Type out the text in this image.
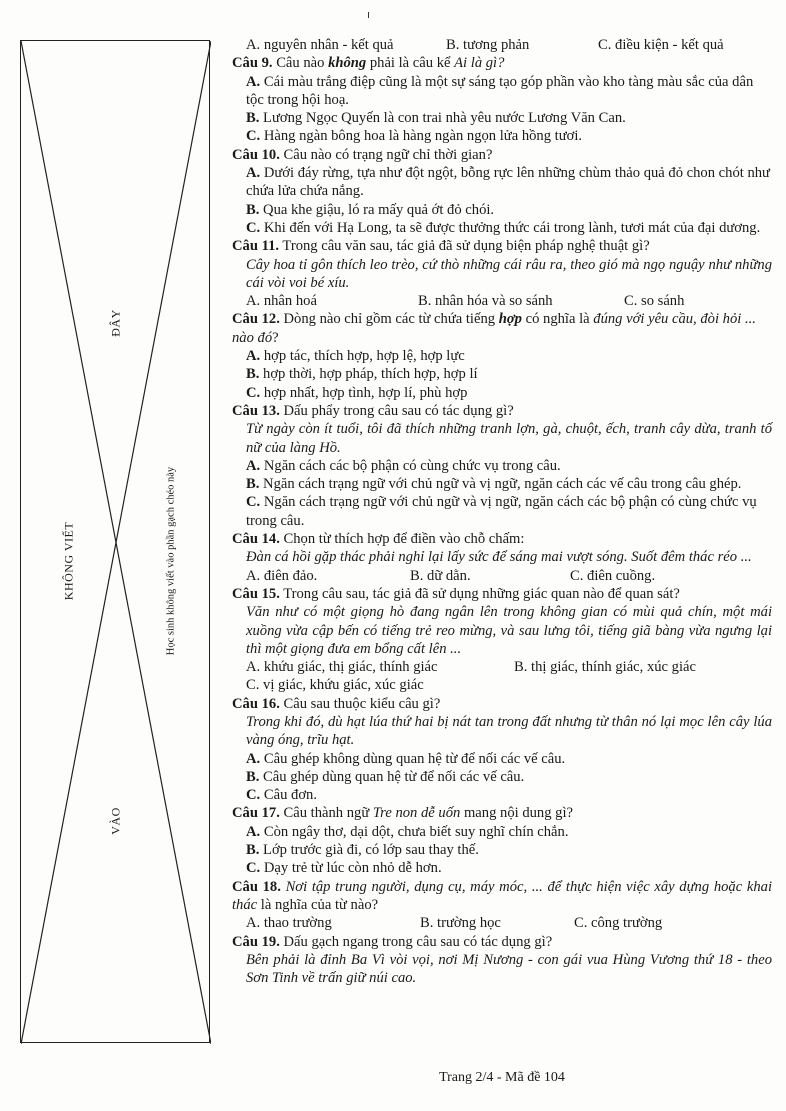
ĐÂY
KHÔNG VIẾT	Học sinh không viết vào phần gạch chéo này
VÀO
A. nguyên nhân - kết quả	B. tương phản	C. điều kiện - kết quả

Câu 9. Câu nào không phải là câu kể Ai là gì?

A. Cái màu trắng điệp cũng là một sự sáng tạo góp phần vào kho tàng màu sắc của dân tộc trong hội hoạ.

B. Lương Ngọc Quyến là con trai nhà yêu nước Lương Văn Can.

C. Hàng ngàn bông hoa là hàng ngàn ngọn lửa hồng tươi.

Câu 10. Câu nào có trạng ngữ chỉ thời gian?

A. Dưới đáy rừng, tựa như đột ngột, bỗng rực lên những chùm thảo quả đỏ chon chót như chứa lửa chứa nắng.

B. Qua khe giậu, ló ra mấy quả ớt đỏ chói.

C. Khi đến với Hạ Long, ta sẽ được thưởng thức cái trong lành, tươi mát của đại dương.

Câu 11. Trong câu văn sau, tác giả đã sử dụng biện pháp nghệ thuật gì?

Cây hoa tỉ gôn thích leo trèo, cứ thò những cái râu ra, theo gió mà ngọ nguậy như những cái vòi voi bé xíu.

A. nhân hoá	B. nhân hóa và so sánh	C. so sánh

Câu 12. Dòng nào chỉ gồm các từ chứa tiếng hợp có nghĩa là đúng với yêu cầu, đòi hỏi ... nào đó?

A. hợp tác, thích hợp, hợp lệ, hợp lực

B. hợp thời, hợp pháp, thích hợp, hợp lí

C. hợp nhất, hợp tình, hợp lí, phù hợp

Câu 13. Dấu phẩy trong câu sau có tác dụng gì?

Từ ngày còn ít tuổi, tôi đã thích những tranh lợn, gà, chuột, ếch, tranh cây dừa, tranh tố nữ của làng Hồ.

A. Ngăn cách các bộ phận có cùng chức vụ trong câu.

B. Ngăn cách trạng ngữ với chủ ngữ và vị ngữ, ngăn cách các vế câu trong câu ghép.

C. Ngăn cách trạng ngữ với chủ ngữ và vị ngữ, ngăn cách các bộ phận có cùng chức vụ trong câu.

Câu 14. Chọn từ thích hợp để điền vào chỗ chấm:

Đàn cá hồi gặp thác phải nghỉ lại lấy sức để sáng mai vượt sóng. Suốt đêm thác réo ...

A. điên đảo.	B. dữ dằn.	C. điên cuồng.

Câu 15. Trong câu sau, tác giả đã sử dụng những giác quan nào để quan sát?

Văn như có một giọng hò đang ngân lên trong không gian có mùi quả chín, một mái xuồng vừa cập bến có tiếng trẻ reo mừng, và sau lưng tôi, tiếng giã bàng vừa ngưng lại thì một giọng đưa em bổng cất lên ...

A. khứu giác, thị giác, thính giác	B. thị giác, thính giác, xúc giác
C. vị giác, khứu giác, xúc giác

Câu 16. Câu sau thuộc kiểu câu gì?

Trong khi đó, dù hạt lúa thứ hai bị nát tan trong đất nhưng từ thân nó lại mọc lên cây lúa vàng óng, trĩu hạt.

A. Câu ghép không dùng quan hệ từ để nối các vế câu.

B. Câu ghép dùng quan hệ từ để nối các vế câu.

C. Câu đơn.

Câu 17. Câu thành ngữ Tre non dễ uốn mang nội dung gì?

A. Còn ngây thơ, dại dột, chưa biết suy nghĩ chín chắn.

B. Lớp trước già đi, có lớp sau thay thế.

C. Dạy trẻ từ lúc còn nhỏ dễ hơn.

Câu 18. Nơi tập trung người, dụng cụ, máy móc, ... để thực hiện việc xây dựng hoặc khai thác là nghĩa của từ nào?

A. thao trường	B. trường học	C. công trường

Câu 19. Dấu gạch ngang trong câu sau có tác dụng gì?

Bên phải là đỉnh Ba Vì vòi vọi, nơi Mị Nương - con gái vua Hùng Vương thứ 18 - theo Sơn Tinh về trấn giữ núi cao.

Trang 2/4 - Mã đề 104
